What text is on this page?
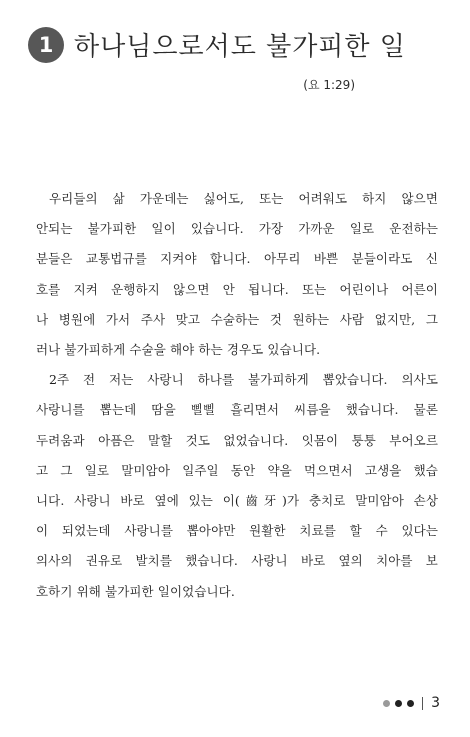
1 하나님으로서도 불가피한 일
(요 1:29)

우리들의 삶 가운데는 싫어도, 또는 어려워도 하지 않으면
안되는 불가피한 일이 있습니다. 가장 가까운 일로 운전하는
분들은 교통법규를 지켜야 합니다. 아무리 바쁜 분들이라도 신
호를 지켜 운행하지 않으면 안 됩니다. 또는 어린이나 어른이
나 병원에 가서 주사 맞고 수술하는 것 원하는 사람 없지만, 그
러나 불가피하게 수술을 해야 하는 경우도 있습니다.

2주 전 저는 사랑니 하나를 불가피하게 뽑았습니다. 의사도
사랑니를 뽑는데 땀을 삘삘 흘리면서 씨름을 했습니다. 물론
두려움과 아픔은 말할 것도 없었습니다. 잇몸이 퉁퉁 부어오르
고 그 일로 말미암아 일주일 동안 약을 먹으면서 고생을 했습
니다. 사랑니 바로 옆에 있는 이(齒牙)가 충치로 말미암아 손상
이 되었는데 사랑니를 뽑아야만 원활한 치료를 할 수 있다는
의사의 권유로 발치를 했습니다. 사랑니 바로 옆의 치아를 보
호하기 위해 불가피한 일이었습니다.

3
